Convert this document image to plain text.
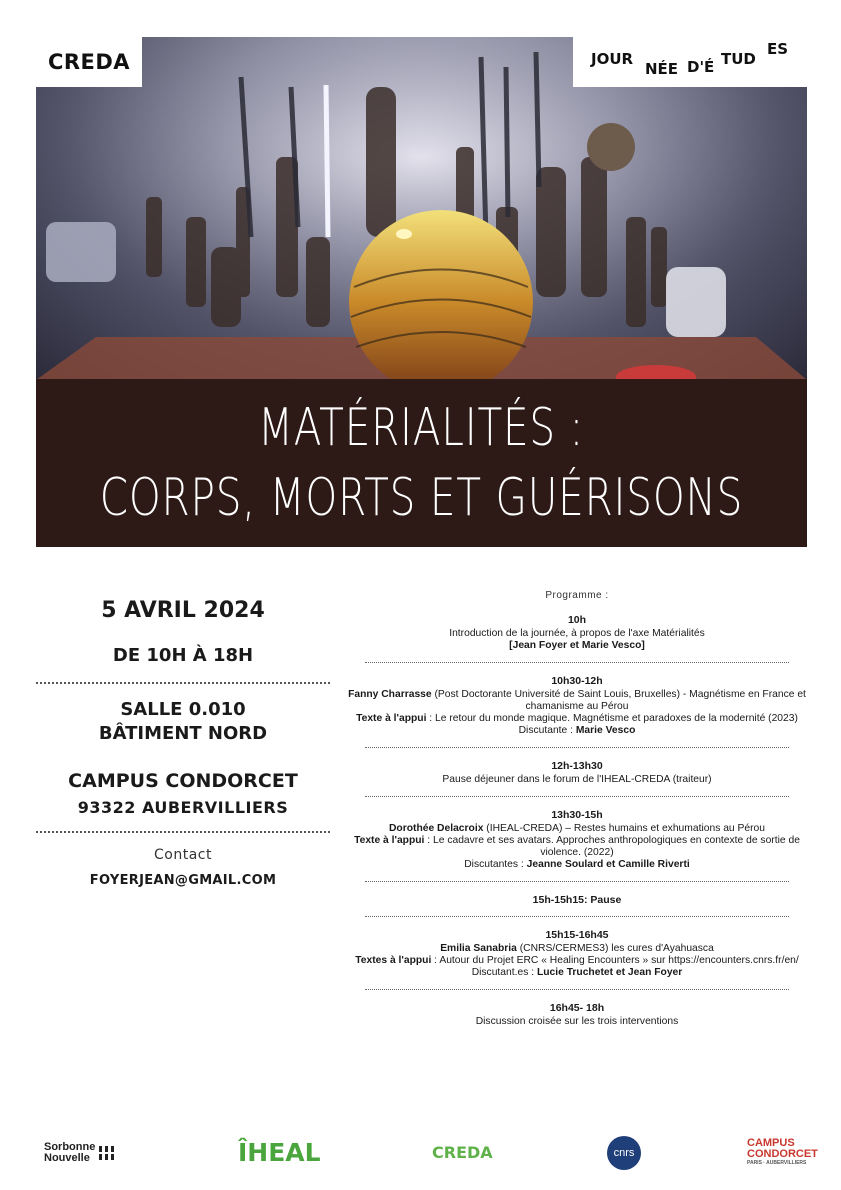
CREDA	JOUR
NÉE D'É TUD
ES
MATÉRIALITÉS :
CORPS, MORTS ET GUÉRISONS
5 AVRIL 2024
DE 10H À 18H
SALLE 0.010
BÂTIMENT NORD
CAMPUS CONDORCET
93322 AUBERVILLIERS
Contact
FOYERJEAN@GMAIL.COM
Programme :
10h
Introduction de la journée, à propos de l'axe Matérialités
[Jean Foyer et Marie Vesco]
10h30-12h
Fanny Charrasse (Post Doctorante Université de Saint Louis, Bruxelles) - Magnétisme en France et chamanisme au Pérou
Texte à l'appui : Le retour du monde magique. Magnétisme et paradoxes de la modernité (2023)
Discutante : Marie Vesco
12h-13h30
Pause déjeuner dans le forum de l'IHEAL-CREDA (traiteur)
13h30-15h
Dorothée Delacroix (IHEAL-CREDA) – Restes humains et exhumations au Pérou
Texte à l'appui : Le cadavre et ses avatars. Approches anthropologiques en contexte de sortie de violence. (2022)
Discutantes : Jeanne Soulard et Camille Riverti
15h-15h15: Pause
15h15-16h45
Emilia Sanabria (CNRS/CERMES3) les cures d'Ayahuasca
Textes à l'appui : Autour du Projet ERC « Healing Encounters » sur https://encounters.cnrs.fr/en/
Discutant.es : Lucie Truchetet et Jean Foyer
16h45- 18h
Discussion croisée sur les trois interventions
Sorbonne
Nouvelle	ÎHEAL	CREDA	cnrs
CAMPUS
CONDORCET
PARIS · AUBERVILLIERS
